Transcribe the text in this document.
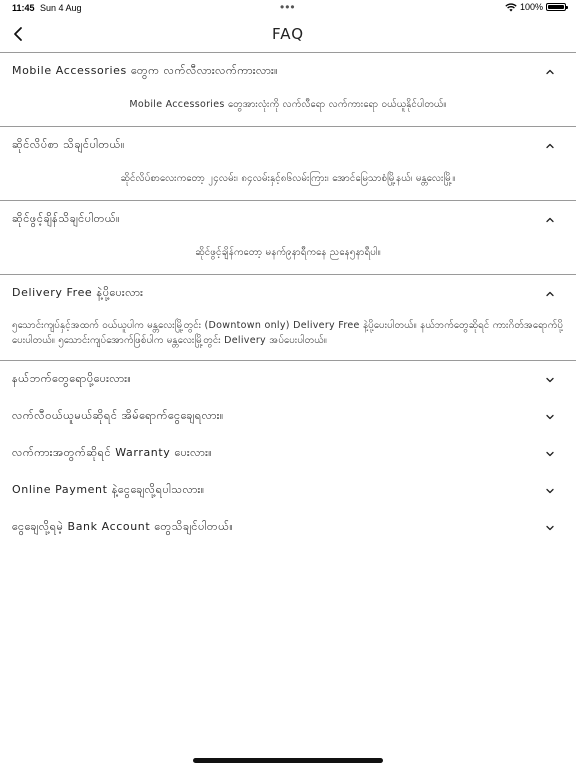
11:45 Sun 4 Aug	•••	100%
FAQ
Mobile Accessories တွေက လက်လီလားလက်ကားလား။
Mobile Accessories တွေအားလုံးကို လက်လီရော လက်ကားရော ဝယ်ယူနိုင်ပါတယ်။
ဆိုင်လိပ်စာ သိချင်ပါတယ်။
ဆိုင်လိပ်စာလေးကတော့ ၂၄လမ်း၊ ၈၄လမ်းနှင့်၈၆လမ်းကြား၊ အောင်မြေသာစံမြို့နယ်၊ မန္တလေးမြို့။
ဆိုင်ဖွင့်ချိန်သိချင်ပါတယ်။
ဆိုင်ဖွင့်ချိန်ကတော့ မနက်၉နာရီကနေ ညနေ၅နာရီပါ။
Delivery Free နဲ့ပို့ပေးလား
၅သောင်းကျပ်နှင့်အထက် ဝယ်ယူပါက မန္တလေးမြို့တွင်း (Downtown only) Delivery Free နဲ့ပို့ပေးပါတယ်။ နယ်ဘက်တွေဆိုရင် ကားဂိတ်အရောက်ပို့ပေးပါတယ်။ ၅သောင်းကျပ်အောက်ဖြစ်ပါက မန္တလေးမြို့တွင်း Delivery အပ်ပေးပါတယ်။
နယ်ဘက်တွေရောပို့ပေးလား။
လက်လီဝယ်ယူမယ်ဆိုရင် အိမ်ရောက်ငွေချေရလား။
လက်ကားအတွက်ဆိုရင် Warranty ပေးလား။
Online Payment နဲ့ငွေချေလို့ရပါသလား။
ငွေချေလို့ရမဲ့ Bank Account တွေသိချင်ပါတယ်။
